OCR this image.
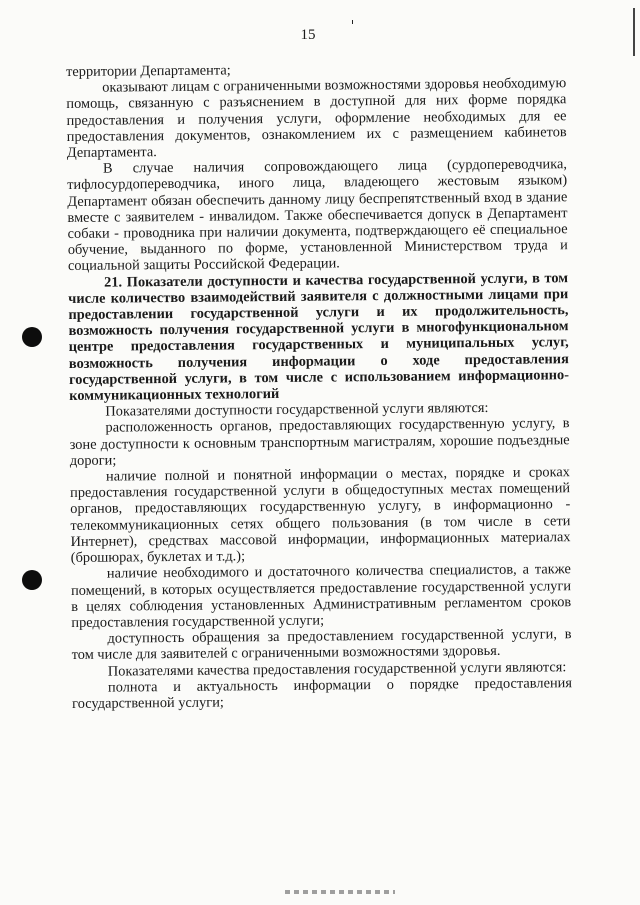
15

территории Департамента;

оказывают лицам с ограниченными возможностями здоровья необходимую помощь, связанную с разъяснением в доступной для них форме порядка предоставления и получения услуги, оформление необходимых для ее предоставления документов, ознакомлением их с размещением кабинетов Департамента.

В случае наличия сопровождающего лица (сурдопереводчика, тифлосурдопереводчика, иного лица, владеющего жестовым языком) Департамент обязан обеспечить данному лицу беспрепятственный вход в здание вместе с заявителем - инвалидом. Также обеспечивается допуск в Департамент собаки - проводника при наличии документа, подтверждающего её специальное обучение, выданного по форме, установленной Министерством труда и социальной защиты Российской Федерации.

21. Показатели доступности и качества государственной услуги, в том числе количество взаимодействий заявителя с должностными лицами при предоставлении государственной услуги и их продолжительность, возможность получения государственной услуги в многофункциональном центре предоставления государственных и муниципальных услуг, возможность получения информации о ходе предоставления государственной услуги, в том числе с использованием информационно-коммуникационных технологий

Показателями доступности государственной услуги являются:

расположенность органов, предоставляющих государственную услугу, в зоне доступности к основным транспортным магистралям, хорошие подъездные дороги;

наличие полной и понятной информации о местах, порядке и сроках предоставления государственной услуги в общедоступных местах помещений органов, предоставляющих государственную услугу, в информационно - телекоммуникационных сетях общего пользования (в том числе в сети Интернет), средствах массовой информации, информационных материалах (брошюрах, буклетах и т.д.);

наличие необходимого и достаточного количества специалистов, а также помещений, в которых осуществляется предоставление государственной услуги в целях соблюдения установленных Административным регламентом сроков предоставления государственной услуги;

доступность обращения за предоставлением государственной услуги, в том числе для заявителей с ограниченными возможностями здоровья.

Показателями качества предоставления государственной услуги являются:

полнота и актуальность информации о порядке предоставления государственной услуги;
